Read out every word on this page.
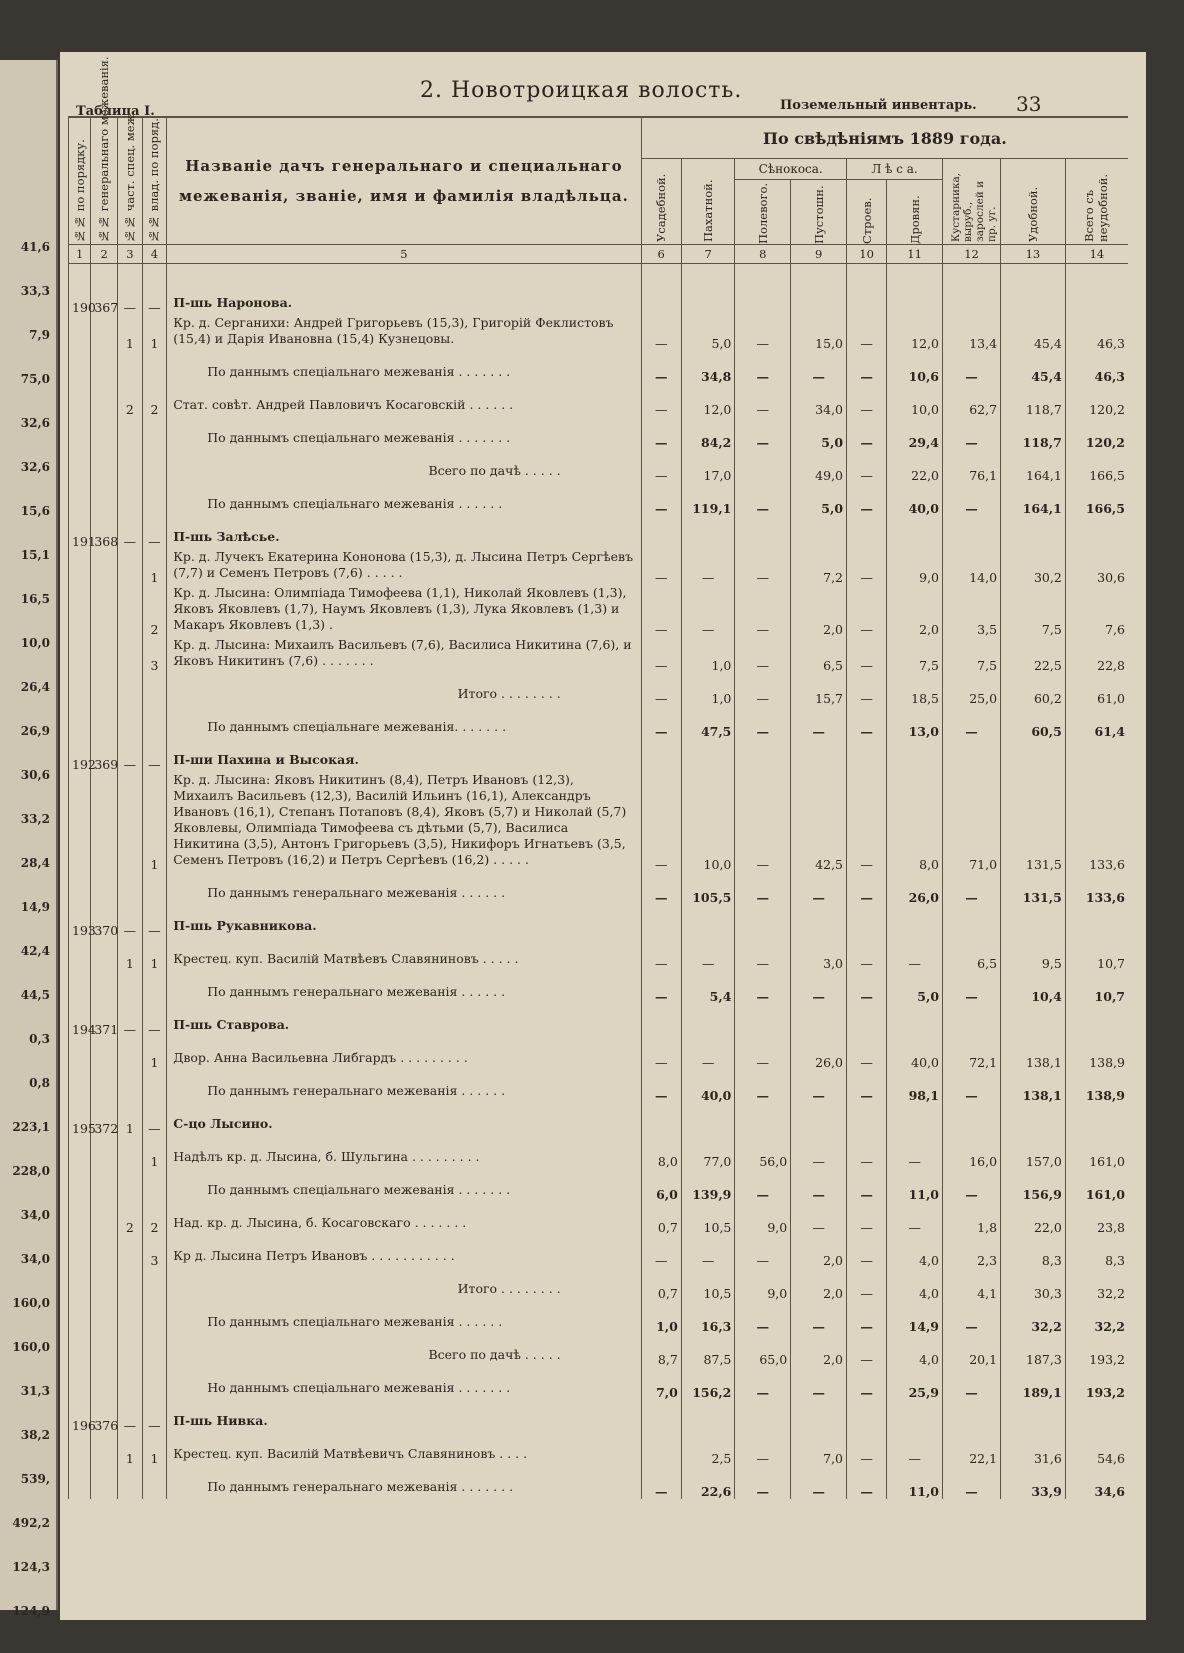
41,6
33,3
7,9
75,0
32,6
32,6
15,6
15,1
16,5
10,0
26,4
26,9
30,6
33,2
28,4
14,9
42,4
44,5
0,3
0,8
223,1
228,0
34,0
34,0
160,0
160,0
31,3
38,2
539,
492,2
124,3
124,9
2. Новотроицкая волость.
Таблица I.	Поземельный инвентарь. 33
№№ по порядку.	№№ генеральнаго межеванія.	№№ част. спец. меж.	№№ влад. по поряд.	Названіе дачъ генеральнаго и специальнаго межеванія, званіе, имя и фамилія владѣльца.	По свѣдѣніямъ 1889 года.								

					Усадебной.	Пахатной.	Сѣнокоса.		Л ѣ с а.		Кустарника, выруб., зарослей и пр. уг.	Удобной.	Всего съ неудобной.

							Полевого.	Пустошн.	Строев.	Дровян.			

1	2	3	4	5	6	7	8	9	10	11	12	13	14

190	367	—	—	П-шь Наронова.									
		1	1	Кр. д. Серганихи: Андрей Григорьевъ (15,3), Григорій Феклистовъ (15,4) и Дарія Ивановна (15,4) Кузнецовы.	—	5,0	—	15,0	—	12,0	13,4	45,4	46,3
				По даннымъ спеціальнаго межеванія . . . . . . .	—	34,8	—	—	—	10,6	—	45,4	46,3
		2	2	Стат. совѣт. Андрей Павловичъ Косаговскій . . . . . .	—	12,0	—	34,0	—	10,0	62,7	118,7	120,2
				По даннымъ спеціальнаго межеванія . . . . . . .	—	84,2	—	5,0	—	29,4	—	118,7	120,2
				Всего по дачѣ . . . . .	—	17,0		49,0	—	22,0	76,1	164,1	166,5
				По даннымъ спеціальнаго межеванія . . . . . .	—	119,1	—	5,0	—	40,0	—	164,1	166,5
191	368	—	—	П-шь Залѣсье.									
			1	Кр. д. Лучекъ Екатерина Кононова (15,3), д. Лысина Петръ Сергѣевъ (7,7) и Семенъ Петровъ (7,6) . . . . .	—	—	—	7,2	—	9,0	14,0	30,2	30,6
			2	Кр. д. Лысина: Олимпіада Тимофеева (1,1), Николай Яковлевъ (1,3), Яковъ Яковлевъ (1,7), Наумъ Яковлевъ (1,3), Лука Яковлевъ (1,3) и Макаръ Яковлевъ (1,3) .	—	—	—	2,0	—	2,0	3,5	7,5	7,6
			3	Кр. д. Лысина: Михаилъ Васильевъ (7,6), Василиса Никитина (7,6), и Яковъ Никитинъ (7,6) . . . . . . .	—	1,0	—	6,5	—	7,5	7,5	22,5	22,8
				Итого . . . . . . . .	—	1,0	—	15,7	—	18,5	25,0	60,2	61,0
				По даннымъ спеціальнаге межеванія. . . . . . .	—	47,5	—	—	—	13,0	—	60,5	61,4
192	369	—	—	П-ши Пахина и Высокая.									
			1	Кр. д. Лысина: Яковъ Никитинъ (8,4), Петръ Ивановъ (12,3), Михаилъ Васильевъ (12,3), Василій Ильинъ (16,1), Александръ Ивановъ (16,1), Степанъ Потаповъ (8,4), Яковъ (5,7) и Николай (5,7) Яковлевы, Олимпіада Тимофеева съ дѣтьми (5,7), Василиса Никитина (3,5), Антонъ Григорьевъ (3,5), Никифоръ Игнатьевъ (3,5, Семенъ Петровъ (16,2) и Петръ Сергѣевъ (16,2) . . . . .	—	10,0	—	42,5	—	8,0	71,0	131,5	133,6
				По даннымъ генеральнаго межеванія . . . . . .	—	105,5	—	—	—	26,0	—	131,5	133,6
193	370	—	—	П-шь Рукавникова.									
		1	1	Крестец. куп. Василій Матвѣевъ Славяниновъ . . . . .	—	—	—	3,0	—	—	6,5	9,5	10,7
				По даннымъ генеральнаго межеванія . . . . . .	—	5,4	—	—	—	5,0	—	10,4	10,7
194	371	—	—	П-шь Ставрова.									
			1	Двор. Анна Васильевна Либгардъ . . . . . . . . .	—	—	—	26,0	—	40,0	72,1	138,1	138,9
				По даннымъ генеральнаго межеванія . . . . . .	—	40,0	—	—	—	98,1	—	138,1	138,9
195	372	1	—	С-цо Лысино.									
			1	Надѣлъ кр. д. Лысина, б. Шульгина . . . . . . . . .	8,0	77,0	56,0	—	—	—	16,0	157,0	161,0
				По даннымъ спеціальнаго межеванія . . . . . . .	6,0	139,9	—	—	—	11,0	—	156,9	161,0
		2	2	Над. кр. д. Лысина, б. Косаговскаго . . . . . . .	0,7	10,5	9,0	—	—	—	1,8	22,0	23,8
			3	Кр д. Лысина Петръ Ивановъ . . . . . . . . . . .	—	—	—	2,0	—	4,0	2,3	8,3	8,3
				Итого . . . . . . . .	0,7	10,5	9,0	2,0	—	4,0	4,1	30,3	32,2
				По даннымъ спеціальнаго межеванія . . . . . .	1,0	16,3	—	—	—	14,9	—	32,2	32,2
				Всего по дачѣ . . . . .	8,7	87,5	65,0	2,0	—	4,0	20,1	187,3	193,2
				Но даннымъ спеціальнаго межеванія . . . . . . .	7,0	156,2	—	—	—	25,9	—	189,1	193,2
196	376	—	—	П-шь Нивка.									
		1	1	Крестец. куп. Василій Матвѣевичъ Славяниновъ . . . .		2,5	—	7,0	—	—	22,1	31,6	54,6
				По даннымъ генеральнаго межеванія . . . . . . .	—	22,6	—	—	—	11,0	—	33,9	34,6
